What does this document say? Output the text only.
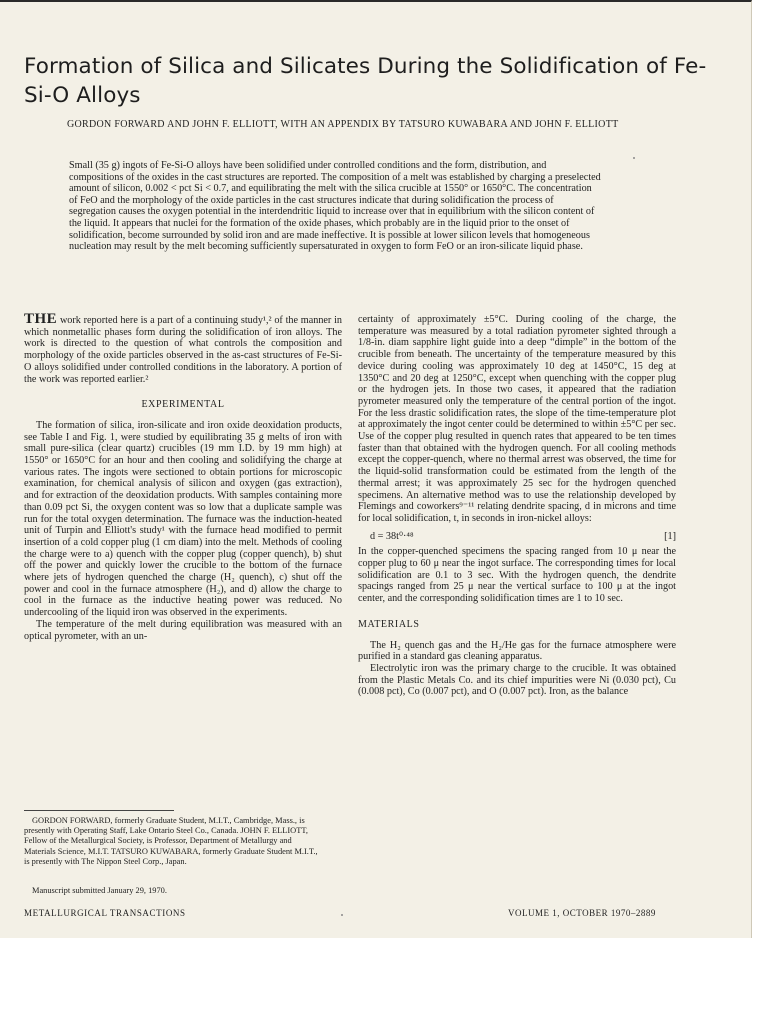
Formation of Silica and Silicates During the Solidification of Fe-Si-O Alloys

GORDON FORWARD AND JOHN F. ELLIOTT, WITH AN APPENDIX BY TATSURO KUWABARA AND JOHN F. ELLIOTT

Small (35 g) ingots of Fe-Si-O alloys have been solidified under controlled conditions and the form, distribution, and compositions of the oxides in the cast structures are reported. The composition of a melt was established by charging a preselected amount of silicon, 0.002 < pct Si < 0.7, and equilibrating the melt with the silica crucible at 1550° or 1650°C. The concentration of FeO and the morphology of the oxide particles in the cast structures indicate that during solidification the process of segregation causes the oxygen potential in the interdendritic liquid to increase over that in equilibrium with the silicon content of the liquid. It appears that nuclei for the formation of the oxide phases, which probably are in the liquid prior to the onset of solidification, become surrounded by solid iron and are made ineffective. It is possible at lower silicon levels that homogeneous nucleation may result by the melt becoming sufficiently supersaturated in oxygen to form FeO or an iron-silicate liquid phase.

THE work reported here is a part of a continuing study¹,² of the manner in which nonmetallic phases form during the solidification of iron alloys. The work is directed to the question of what controls the composition and morphology of the oxide particles observed in the as-cast structures of Fe-Si-O alloys solidified under controlled conditions in the laboratory. A portion of the work was reported earlier.²

EXPERIMENTAL

The formation of silica, iron-silicate and iron oxide deoxidation products, see Table I and Fig. 1, were studied by equilibrating 35 g melts of iron with small pure-silica (clear quartz) crucibles (19 mm I.D. by 19 mm high) at 1550° or 1650°C for an hour and then cooling and solidifying the charge at various rates. The ingots were sectioned to obtain portions for microscopic examination, for chemical analysis of silicon and oxygen (gas extraction), and for extraction of the deoxidation products. With samples containing more than 0.09 pct Si, the oxygen content was so low that a duplicate sample was run for the total oxygen determination. The furnace was the induction-heated unit of Turpin and Elliott's study¹ with the furnace head modified to permit insertion of a cold copper plug (1 cm diam) into the melt. Methods of cooling the charge were to a) quench with the copper plug (copper quench), b) shut off the power and quickly lower the crucible to the bottom of the furnace where jets of hydrogen quenched the charge (H₂ quench), c) shut off the power and cool in the furnace atmosphere (H₂), and d) allow the charge to cool in the furnace as the inductive heating power was reduced. No undercooling of the liquid iron was observed in the experiments.

The temperature of the melt during equilibration was measured with an optical pyrometer, with an un-

GORDON FORWARD, formerly Graduate Student, M.I.T., Cambridge, Mass., is presently with Operating Staff, Lake Ontario Steel Co., Canada. JOHN F. ELLIOTT, Fellow of the Metallurgical Society, is Professor, Department of Metallurgy and Materials Science, M.I.T. TATSURO KUWABARA, formerly Graduate Student M.I.T., is presently with The Nippon Steel Corp., Japan.

Manuscript submitted January 29, 1970.

certainty of approximately ±5°C. During cooling of the charge, the temperature was measured by a total radiation pyrometer sighted through a 1/8-in. diam sapphire light guide into a deep “dimple” in the bottom of the crucible from beneath. The uncertainty of the temperature measured by this device during cooling was approximately 10 deg at 1450°C, 15 deg at 1350°C and 20 deg at 1250°C, except when quenching with the copper plug or the hydrogen jets. In those two cases, it appeared that the radiation pyrometer measured only the temperature of the central portion of the ingot. For the less drastic solidification rates, the slope of the time-temperature plot at approximately the ingot center could be determined to within ±5°C per sec. Use of the copper plug resulted in quench rates that appeared to be ten times faster than that obtained with the hydrogen quench. For all cooling methods except the copper-quench, where no thermal arrest was observed, the time for the liquid-solid transformation could be estimated from the length of the thermal arrest; it was approximately 25 sec for the hydrogen quenched specimens. An alternative method was to use the relationship developed by Flemings and coworkers⁹⁻¹¹ relating dendrite spacing, d in microns and time for local solidification, t, in seconds in iron-nickel alloys:

d = 38t⁰·⁴⁸	[1]

In the copper-quenched specimens the spacing ranged from 10 μ near the copper plug to 60 μ near the ingot surface. The corresponding times for local solidification are 0.1 to 3 sec. With the hydrogen quench, the dendrite spacings ranged from 25 μ near the vertical surface to 100 μ at the ingot center, and the corresponding solidification times are 1 to 10 sec.

MATERIALS

The H₂ quench gas and the H₂/He gas for the furnace atmosphere were purified in a standard gas cleaning apparatus.

Electrolytic iron was the primary charge to the crucible. It was obtained from the Plastic Metals Co. and its chief impurities were Ni (0.030 pct), Cu (0.008 pct), Co (0.007 pct), and O (0.007 pct). Iron, as the balance

METALLURGICAL TRANSACTIONS	VOLUME 1, OCTOBER 1970–2889
